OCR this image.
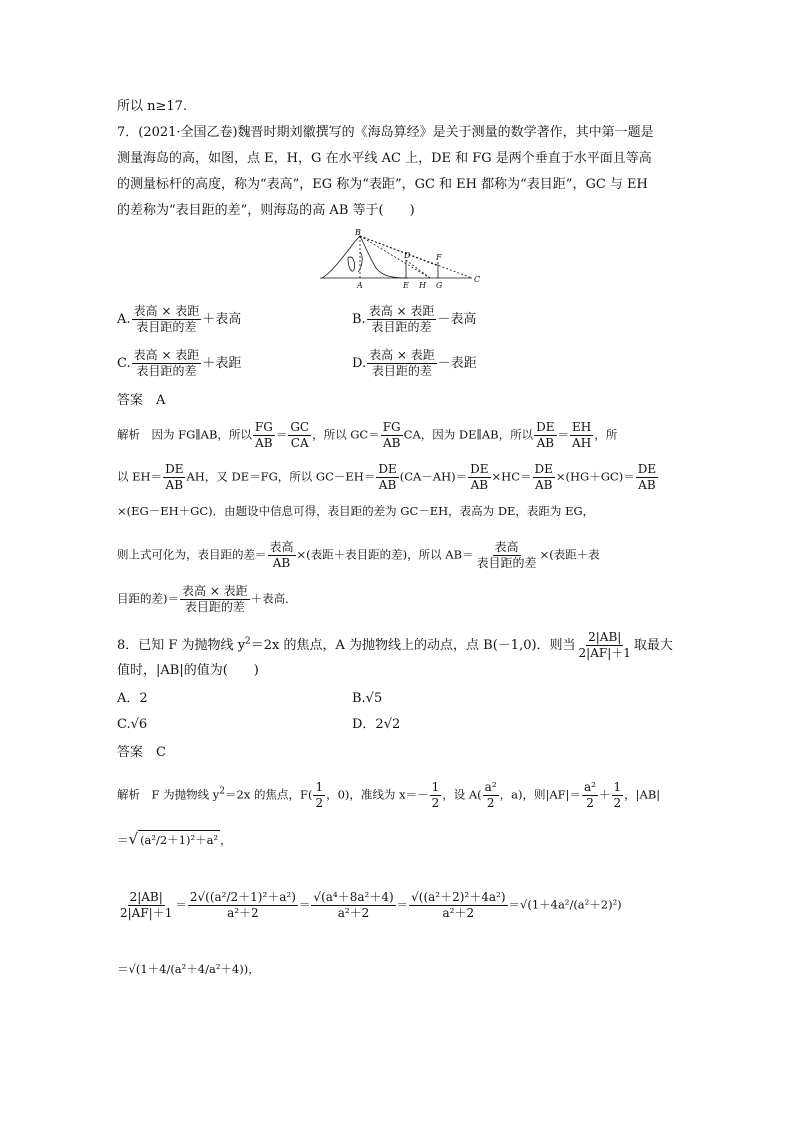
所以 n≥17.
7．(2021·全国乙卷)魏晋时期刘徽撰写的《海岛算经》是关于测量的数学著作，其中第一题是
测量海岛的高，如图，点 E，H，G 在水平线 AC 上，DE 和 FG 是两个垂直于水平面且等高
的测量标杆的高度，称为“表高”，EG 称为“表距”，GC 和 EH 都称为“表目距”，GC 与 EH
的差称为“表目距的差”，则海岛的高 AB 等于(　　)
B
D	F
C
A	E H G
A. $\frac{\text{表高 × 表距}}{\text{表目距的差}}$ ＋表高	B. $\frac{\text{表高 × 表距}}{\text{表目距的差}}$ －表高
C. $\frac{\text{表高 × 表距}}{\text{表目距的差}}$ ＋表距	D. $\frac{\text{表高 × 表距}}{\text{表目距的差}}$ －表距
答案　A
解析　因为 FG∥AB，所以 $\frac{FG}{AB} = \frac{GC}{CA}$ ，所以 $GC= \frac{FG}{AB}$ CA，因为 DE∥AB，所以 $\frac{DE}{AB} = \frac{EH}{AH}$ ，所
以 $EH= \frac{DE}{AB}$ AH，又 DE＝FG，所以 $GC-EH= \frac{DE}{AB} (CA-AH)= \frac{DE}{AB} \times HC= \frac{DE}{AB} \times(HG+GC)= \frac{DE}{AB}$
×(EG－EH＋GC)．由题设中信息可得，表目距的差为 GC－EH，表高为 DE，表距为 EG，
则上式可化为，表目距的差＝ $\frac{\text{表高}}{AB}$ ×(表距＋表目距的差)，所以 $AB= \frac{\text{表高}}{\text{表目距的差}}$ ×(表距＋表
目距的差)＝ $\frac{\text{表高 × 表距}}{\text{表目距的差}}$ ＋表高．
8．已知 F 为抛物线 $y^2=2x$ 的焦点，A 为抛物线上的动点，点 B(－1,0)．则当 $\frac{2|AB|}{2|AF|+1}$ 取最大
值时，|AB|的值为(　　)
A．2	B.√5
C.√6	D．2√2
答案　C
解析　F 为抛物线 $y^2=2x$ 的焦点，$F( \frac{1}{2}$ ，0)，准线为 $x=- \frac{1}{2}$ ，设 $A( \frac{\text{a²}}{2}$ ，a)，则$|AF|= \frac{\text{a²}}{2} + \frac{1}{2}$ ，|AB|
＝√ (a²/2＋1)²＋a² ，
$\frac{2|AB|}{2|AF|+1} = \frac{\text{2√((a²/2＋1)²＋a²)}}{\text{a²＋2}} = \frac{\text{√(a⁴＋8a²＋4)}}{\text{a²＋2}} = \frac{\text{√((a²＋2)²＋4a²)}}{\text{a²＋2}} =√(1+4a^2/(a^2+2)^2)$
＝√(1＋4/(a²＋4/a²＋4))，
